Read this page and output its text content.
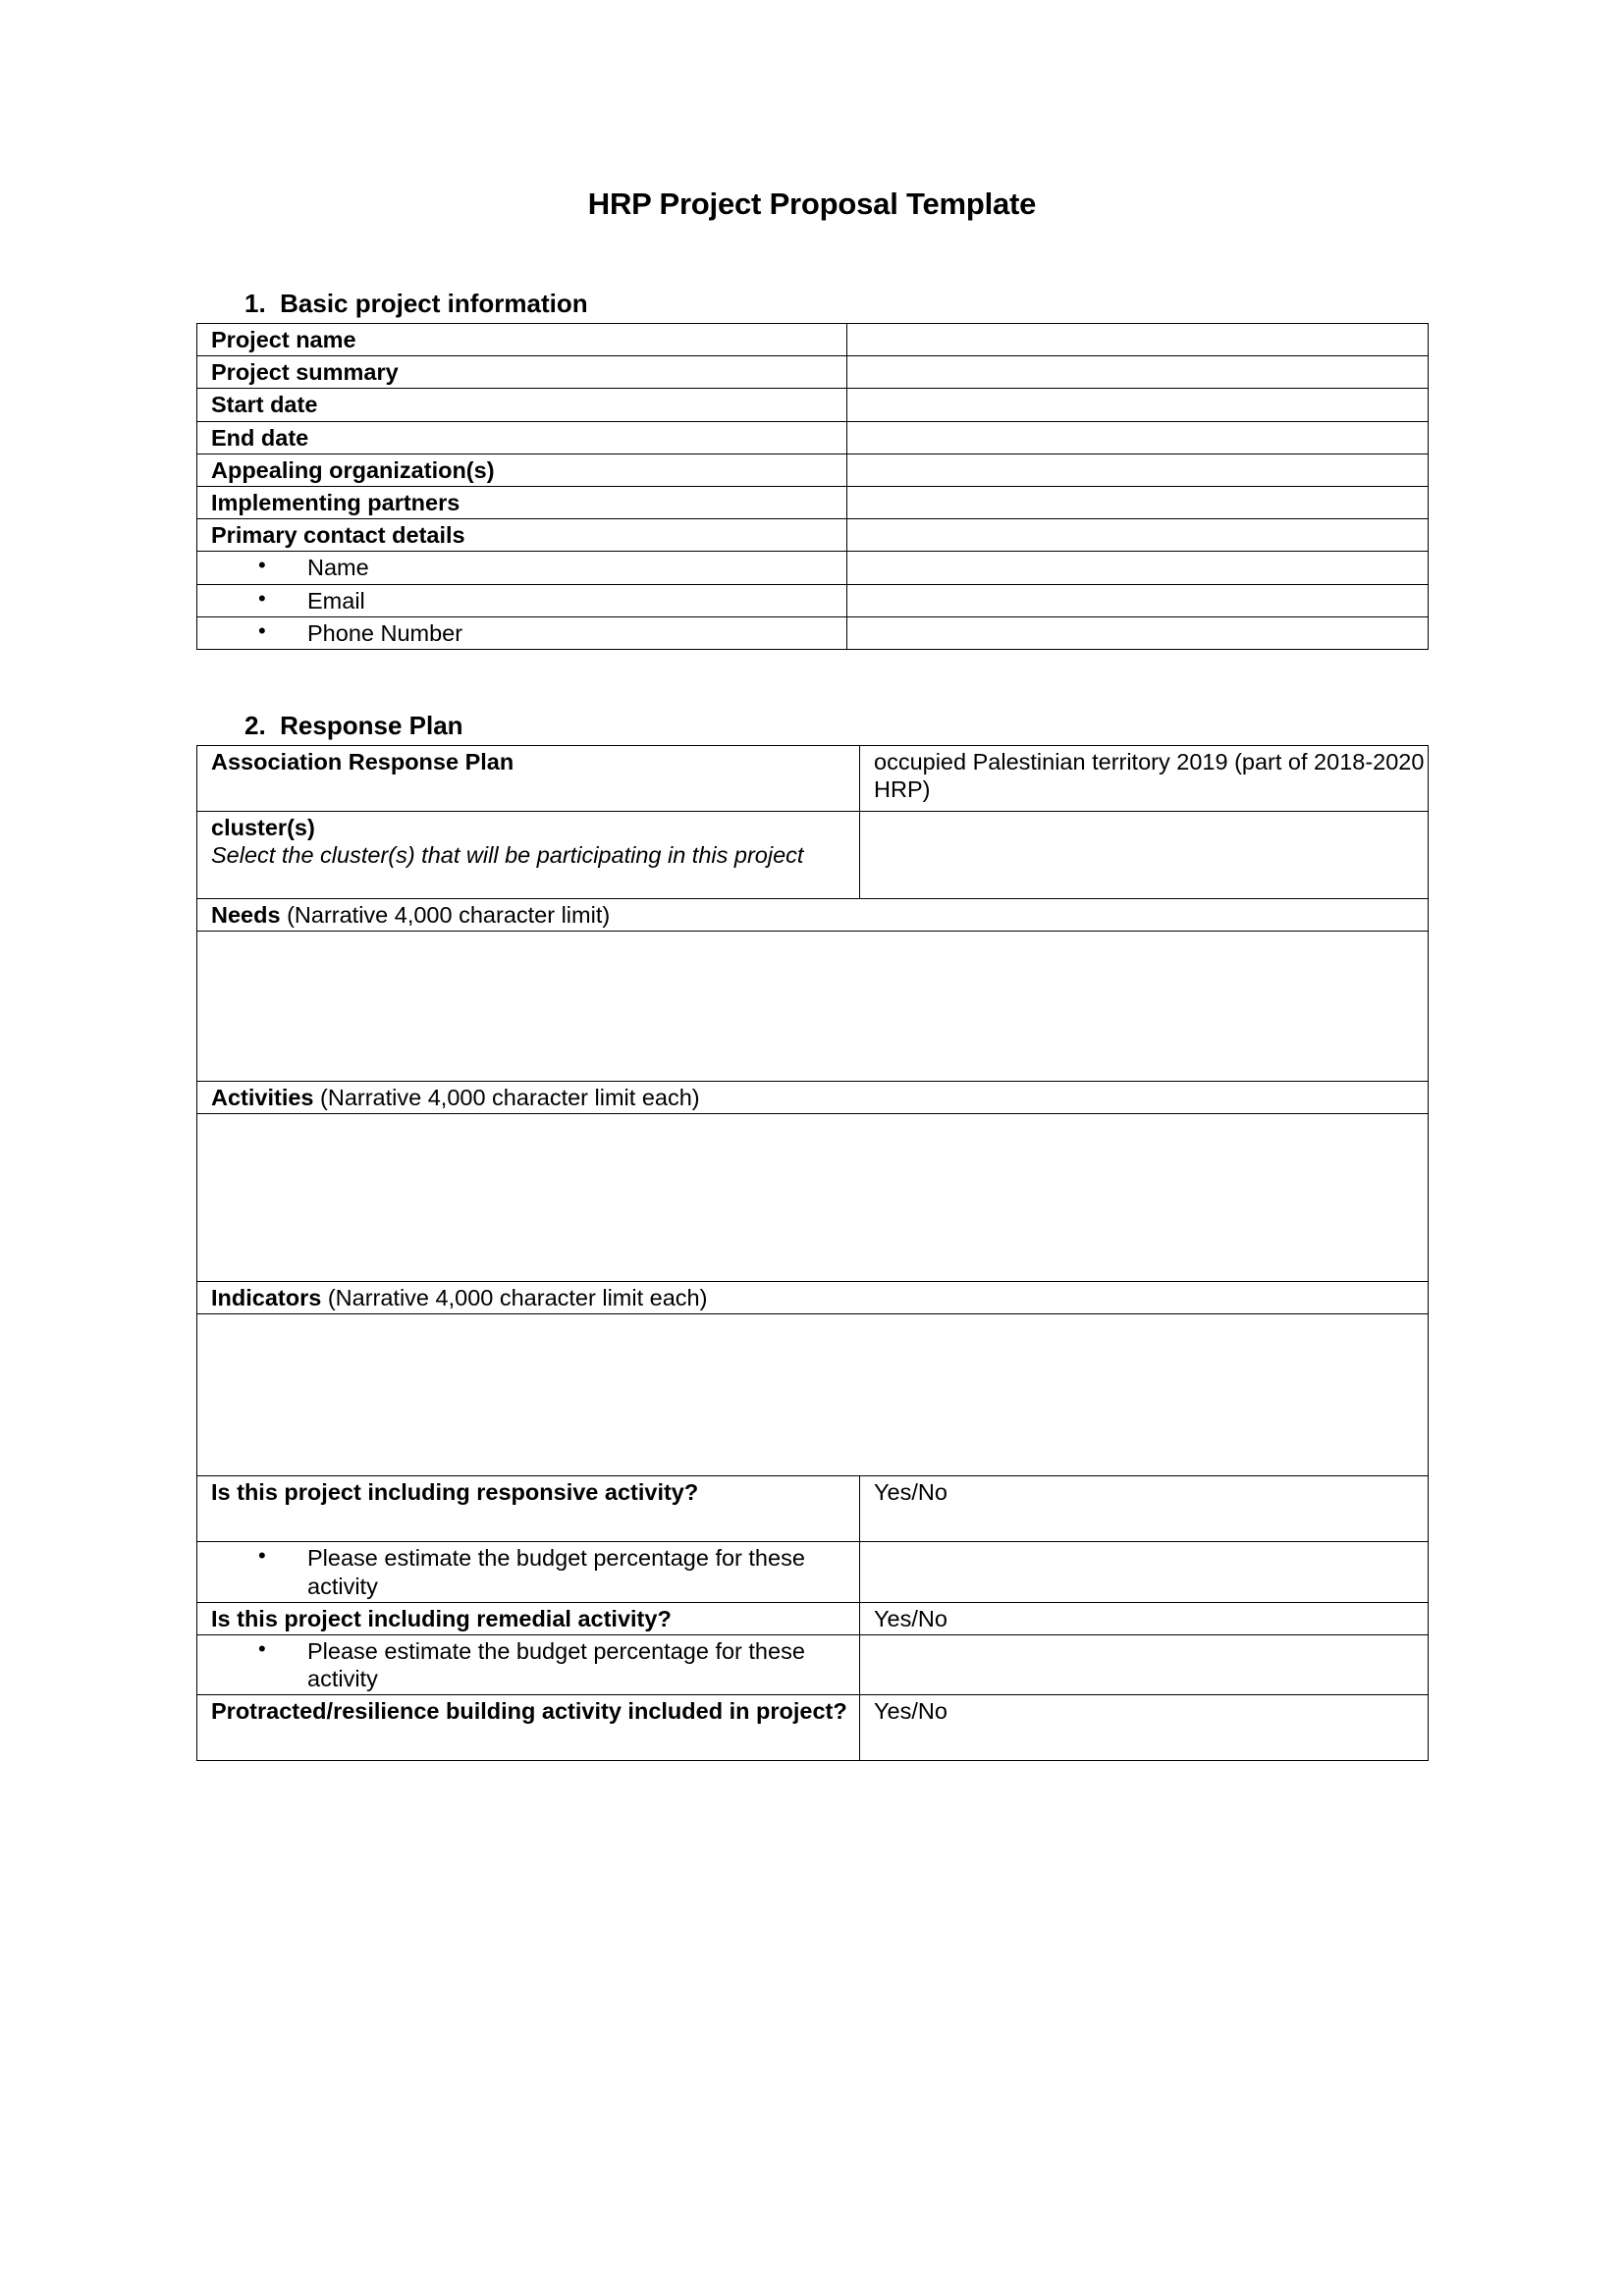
HRP Project Proposal Template
1. Basic project information
Project name	
Project summary	
Start date	
End date	
Appealing organization(s)	
Implementing partners	
Primary contact details	

• Name

• Email

• Phone Number

2. Response Plan
Association Response Plan	occupied Palestinian territory 2019 (part of 2018-2020 HRP)

cluster(s)
Select the cluster(s) that will be participating in this project	

Needs (Narrative 4,000 character limit)	

Activities (Narrative 4,000 character limit each)	

Indicators (Narrative 4,000 character limit each)	

Is this project including responsive activity?	Yes/No

• Please estimate the budget percentage for these activity

Is this project including remedial activity?	Yes/No

• Please estimate the budget percentage for these activity

Protracted/resilience building activity included in project?	Yes/No
